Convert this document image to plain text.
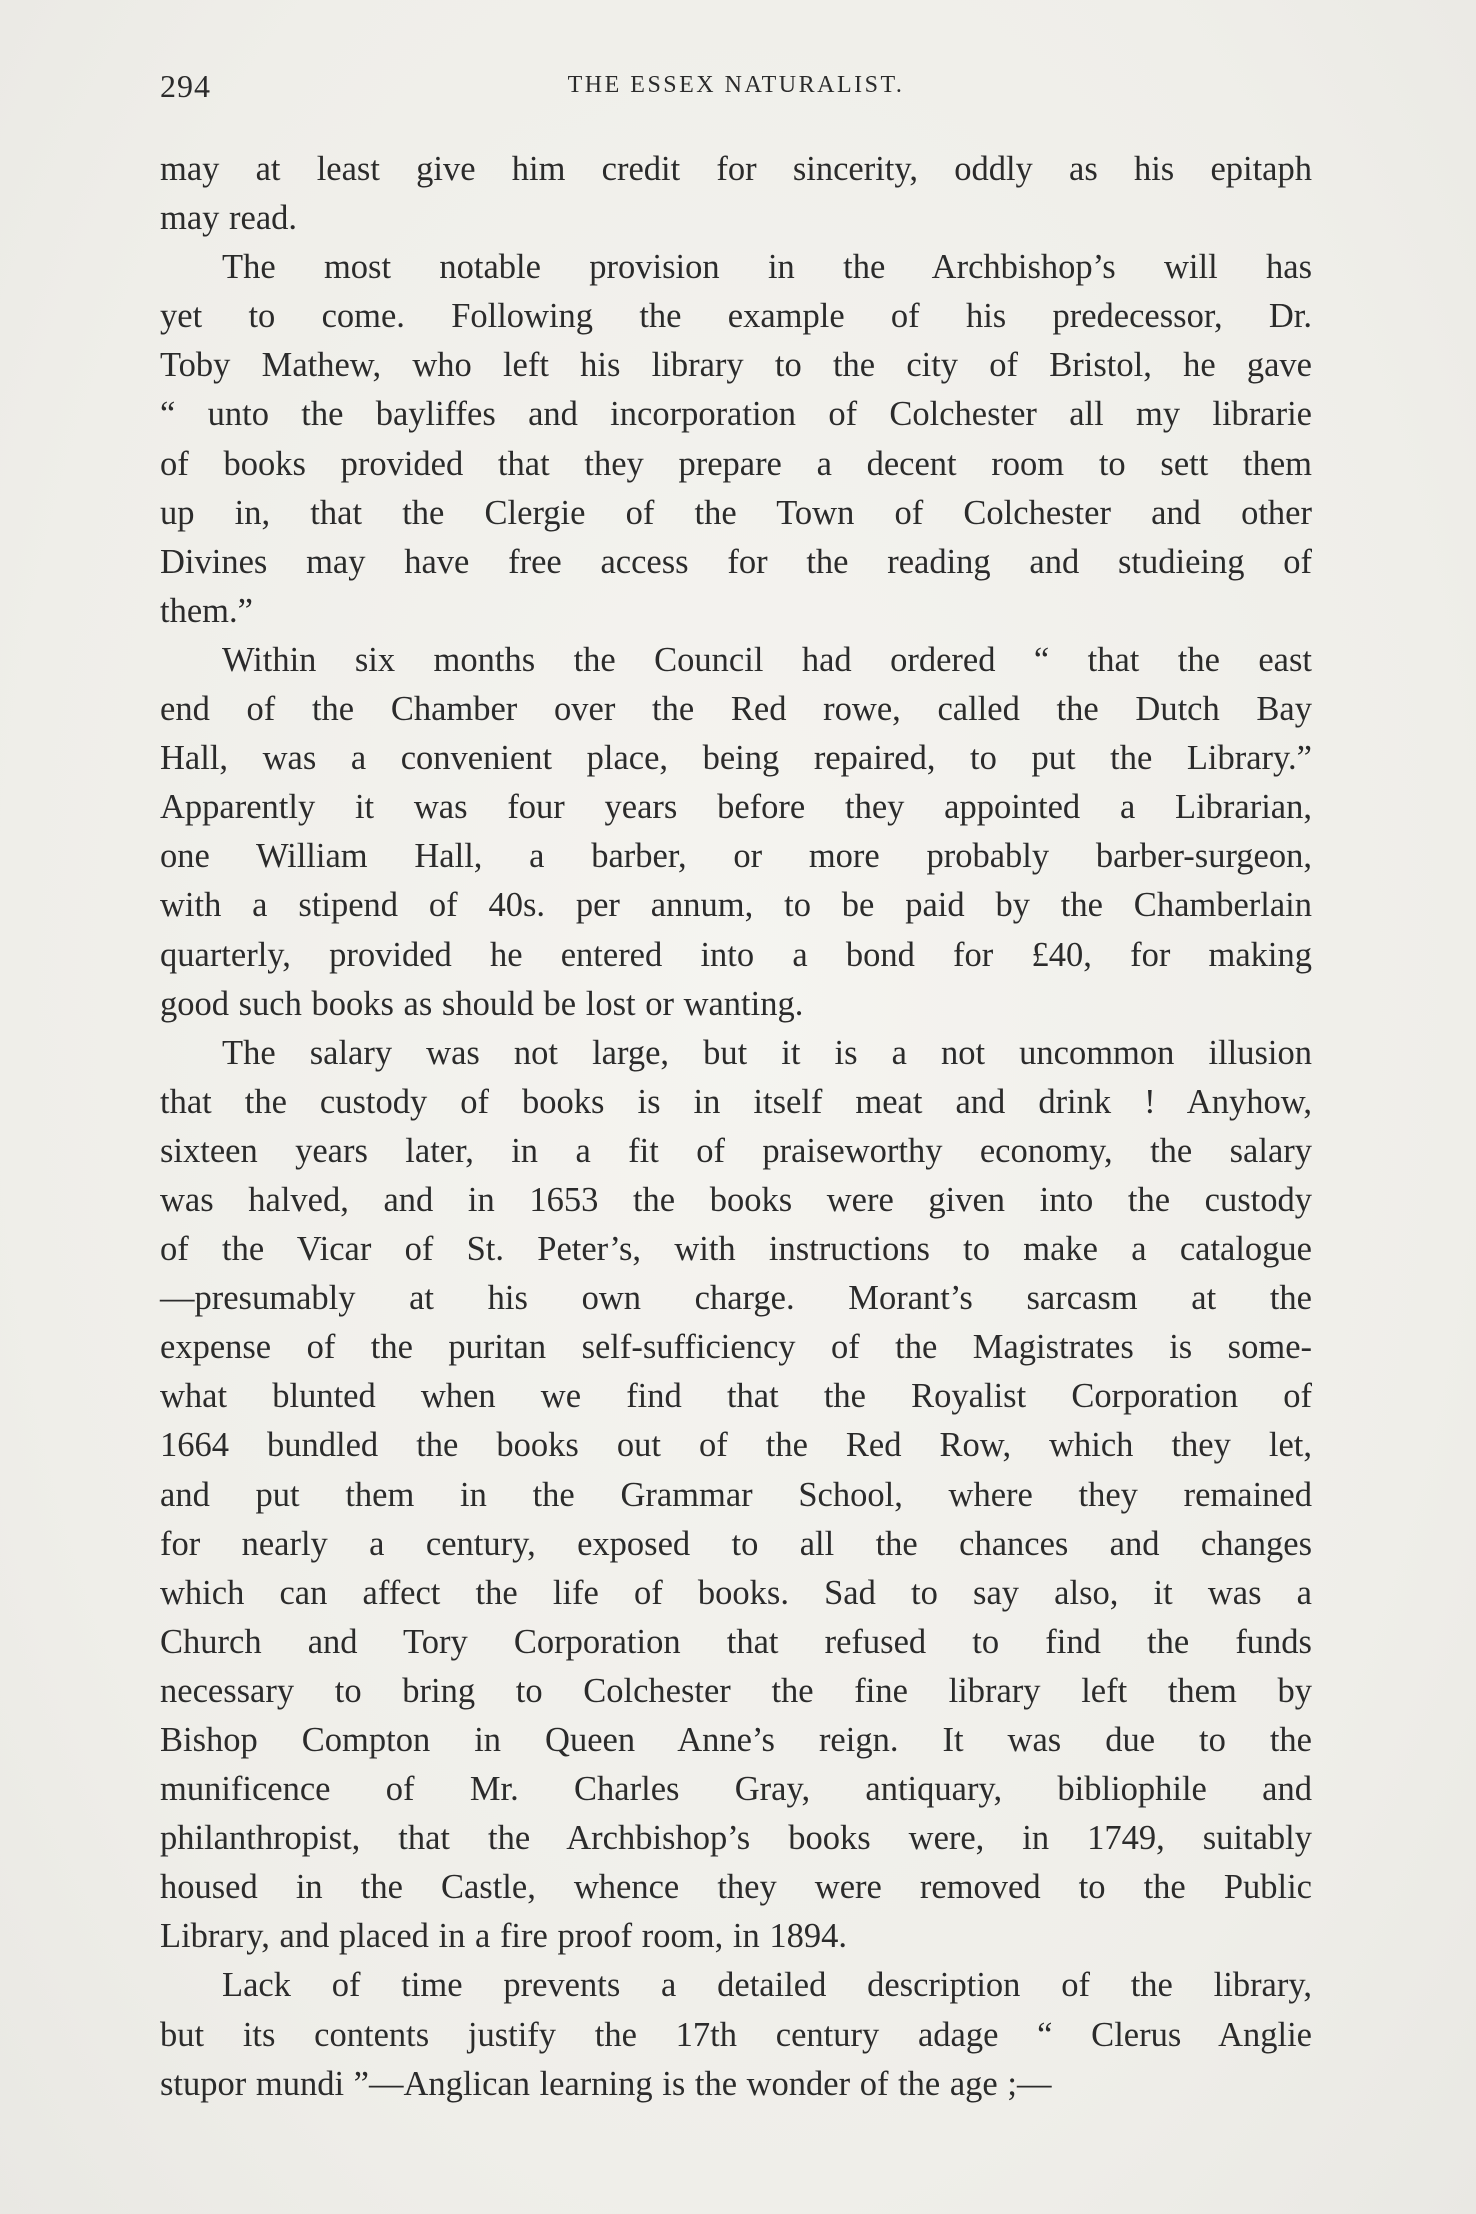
294	THE ESSEX NATURALIST.
may at least give him credit for sincerity, oddly as his epitaph
may read.
The most notable provision in the Archbishop’s will has
yet to come. Following the example of his predecessor, Dr.
Toby Mathew, who left his library to the city of Bristol, he gave
“ unto the bayliffes and incorporation of Colchester all my librarie
of books provided that they prepare a decent room to sett them
up in, that the Clergie of the Town of Colchester and other
Divines may have free access for the reading and studieing of
them.”
Within six months the Council had ordered “ that the east
end of the Chamber over the Red rowe, called the Dutch Bay
Hall, was a convenient place, being repaired, to put the Library.”
Apparently it was four years before they appointed a Librarian,
one William Hall, a barber, or more probably barber-surgeon,
with a stipend of 40s. per annum, to be paid by the Chamberlain
quarterly, provided he entered into a bond for £40, for making
good such books as should be lost or wanting.
The salary was not large, but it is a not uncommon illusion
that the custody of books is in itself meat and drink ! Anyhow,
sixteen years later, in a fit of praiseworthy economy, the salary
was halved, and in 1653 the books were given into the custody
of the Vicar of St. Peter’s, with instructions to make a catalogue
—presumably at his own charge. Morant’s sarcasm at the
expense of the puritan self-sufficiency of the Magistrates is some-
what blunted when we find that the Royalist Corporation of
1664 bundled the books out of the Red Row, which they let,
and put them in the Grammar School, where they remained
for nearly a century, exposed to all the chances and changes
which can affect the life of books. Sad to say also, it was a
Church and Tory Corporation that refused to find the funds
necessary to bring to Colchester the fine library left them by
Bishop Compton in Queen Anne’s reign. It was due to the
munificence of Mr. Charles Gray, antiquary, bibliophile and
philanthropist, that the Archbishop’s books were, in 1749, suitably
housed in the Castle, whence they were removed to the Public
Library, and placed in a fire proof room, in 1894.
Lack of time prevents a detailed description of the library,
but its contents justify the 17th century adage “ Clerus Anglie
stupor mundi ”—Anglican learning is the wonder of the age ;—
